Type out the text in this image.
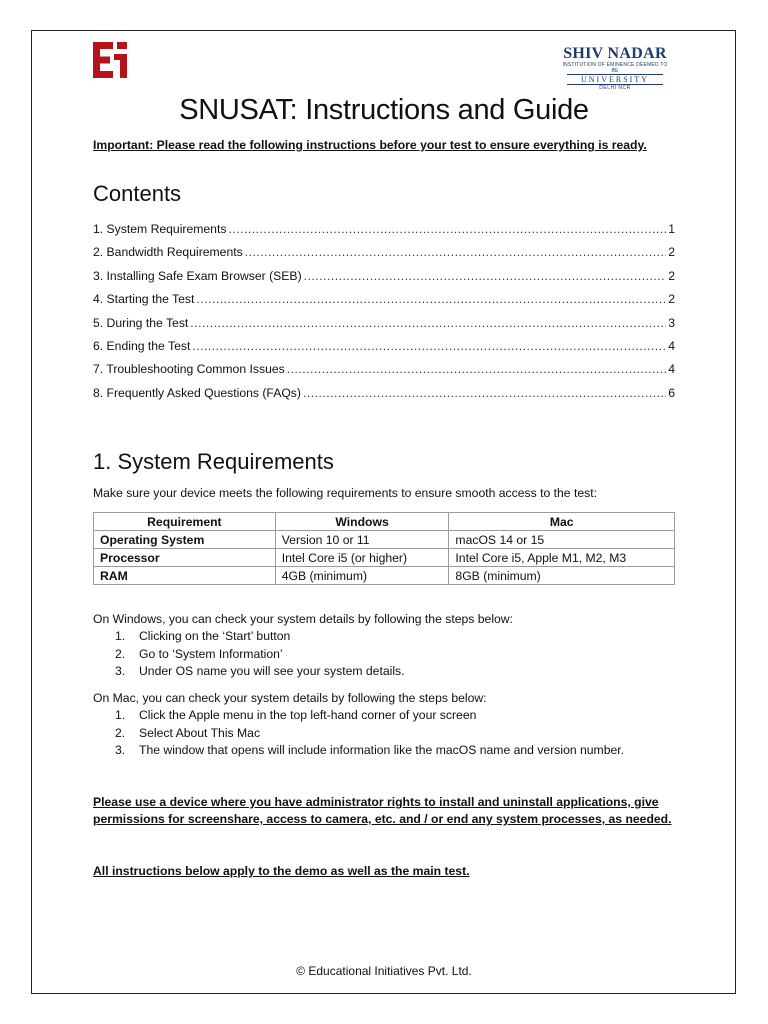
SHIV NADAR
INSTITUTION OF EMINENCE DEEMED TO BE
UNIVERSITY
DELHI NCR
SNUSAT: Instructions and Guide
Important: Please read the following instructions before your test to ensure everything is ready.
Contents
1. System Requirements .....	1
2. Bandwidth Requirements .....	2
3. Installing Safe Exam Browser (SEB) .....	2
4. Starting the Test .....	2
5. During the Test .....	3
6. Ending the Test .....	4
7. Troubleshooting Common Issues .....	4
8. Frequently Asked Questions (FAQs) .....	6
1. System Requirements
Make sure your device meets the following requirements to ensure smooth access to the test:
Requirement	Windows	Mac
Operating System	Version 10 or 11	macOS 14 or 15
Processor	Intel Core i5 (or higher)	Intel Core i5, Apple M1, M2, M3
RAM	4GB (minimum)	8GB (minimum)
On Windows, you can check your system details by following the steps below:
1.	Clicking on the ‘Start’ button
2.	Go to ‘System Information’
3.	Under OS name you will see your system details.
On Mac, you can check your system details by following the steps below:
1.	Click the Apple menu in the top left-hand corner of your screen
2.	Select About This Mac
3.	The window that opens will include information like the macOS name and version number.
Please use a device where you have administrator rights to install and uninstall applications, give permissions for screenshare, access to camera, etc. and / or end any system processes, as needed.
All instructions below apply to the demo as well as the main test.
© Educational Initiatives Pvt. Ltd.
